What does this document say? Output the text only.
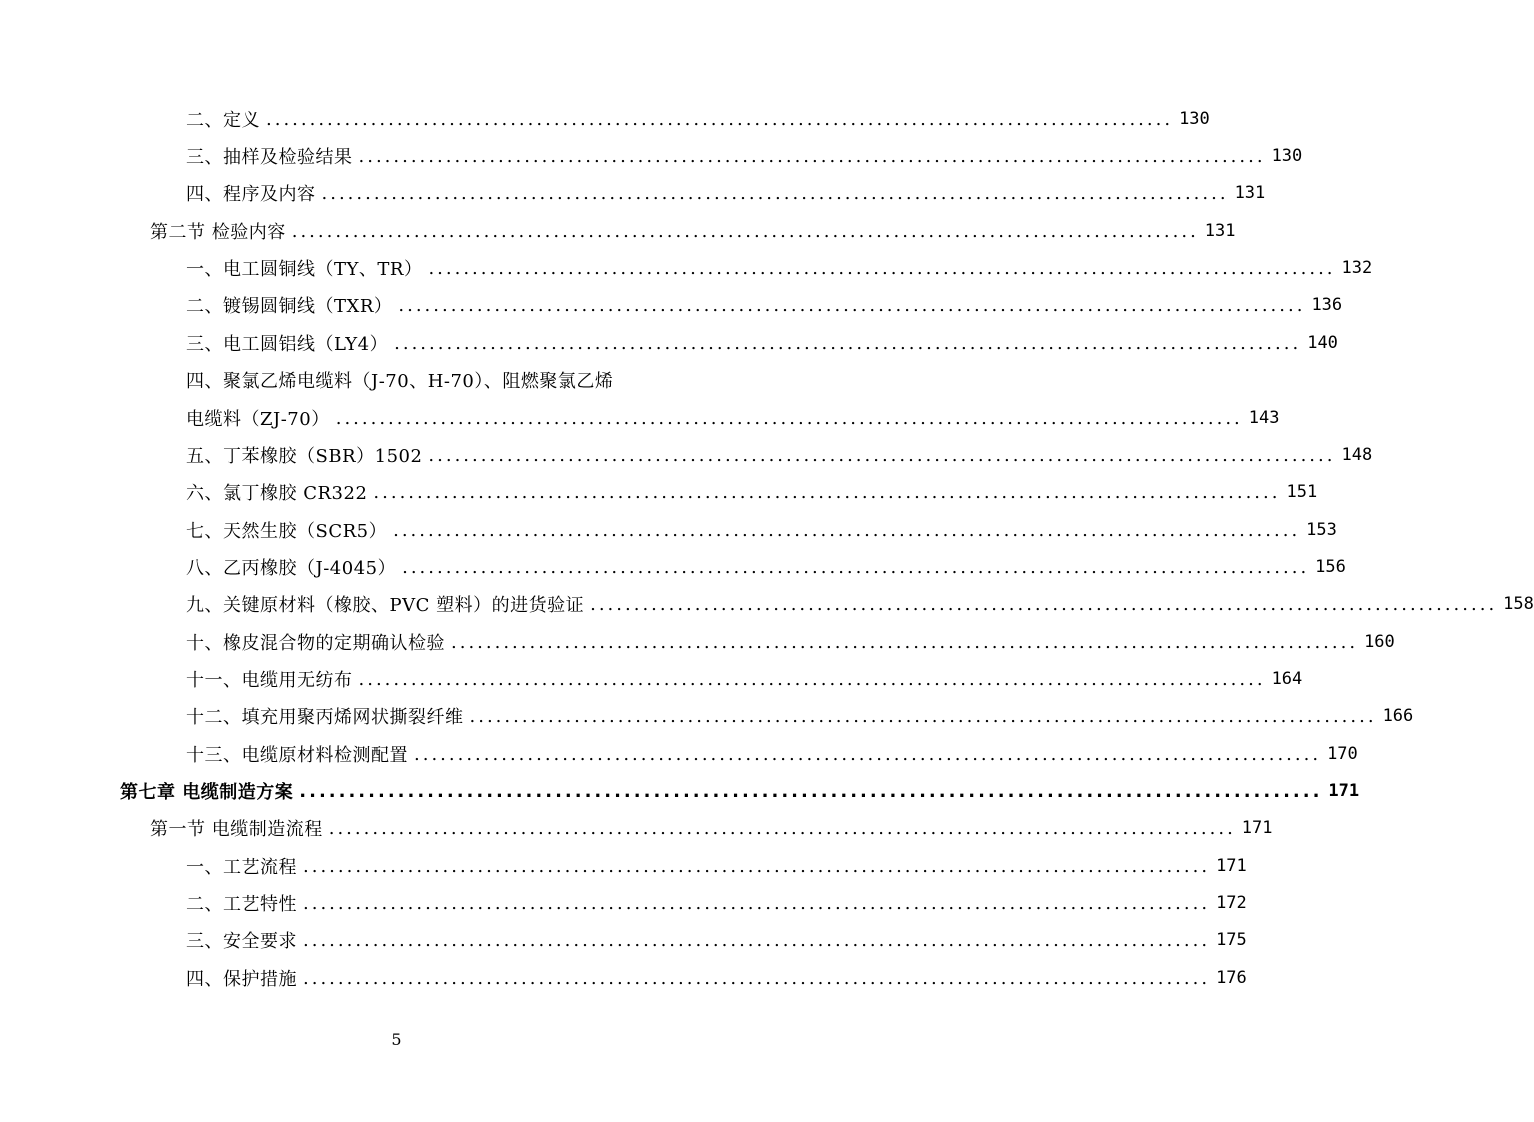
二、定义 ........................................................................................................ 130
三、抽样及检验结果 ........................................................................................................ 130
四、程序及内容 ........................................................................................................ 131
第二节 检验内容 ........................................................................................................ 131
一、电工圆铜线（TY、TR） ........................................................................................................ 132
二、镀锡圆铜线（TXR） ........................................................................................................ 136
三、电工圆铝线（LY4） ........................................................................................................ 140
四、聚氯乙烯电缆料（J-70、H-70）、阻燃聚氯乙烯
电缆料（ZJ-70） ........................................................................................................ 143
五、丁苯橡胶（SBR）1502 ........................................................................................................ 148
六、氯丁橡胶 CR322 ........................................................................................................ 151
七、天然生胶（SCR5） ........................................................................................................ 153
八、乙丙橡胶（J-4045） ........................................................................................................ 156
九、关键原材料（橡胶、PVC 塑料）的进货验证 ........................................................................................................ 158
十、橡皮混合物的定期确认检验 ........................................................................................................ 160
十一、电缆用无纺布 ........................................................................................................ 164
十二、填充用聚丙烯网状撕裂纤维 ........................................................................................................ 166
十三、电缆原材料检测配置 ........................................................................................................ 170
第七章 电缆制造方案 ........................................................................................................ 171
第一节 电缆制造流程 ........................................................................................................ 171
一、工艺流程 ........................................................................................................ 171
二、工艺特性 ........................................................................................................ 172
三、安全要求 ........................................................................................................ 175
四、保护措施 ........................................................................................................ 176
5
